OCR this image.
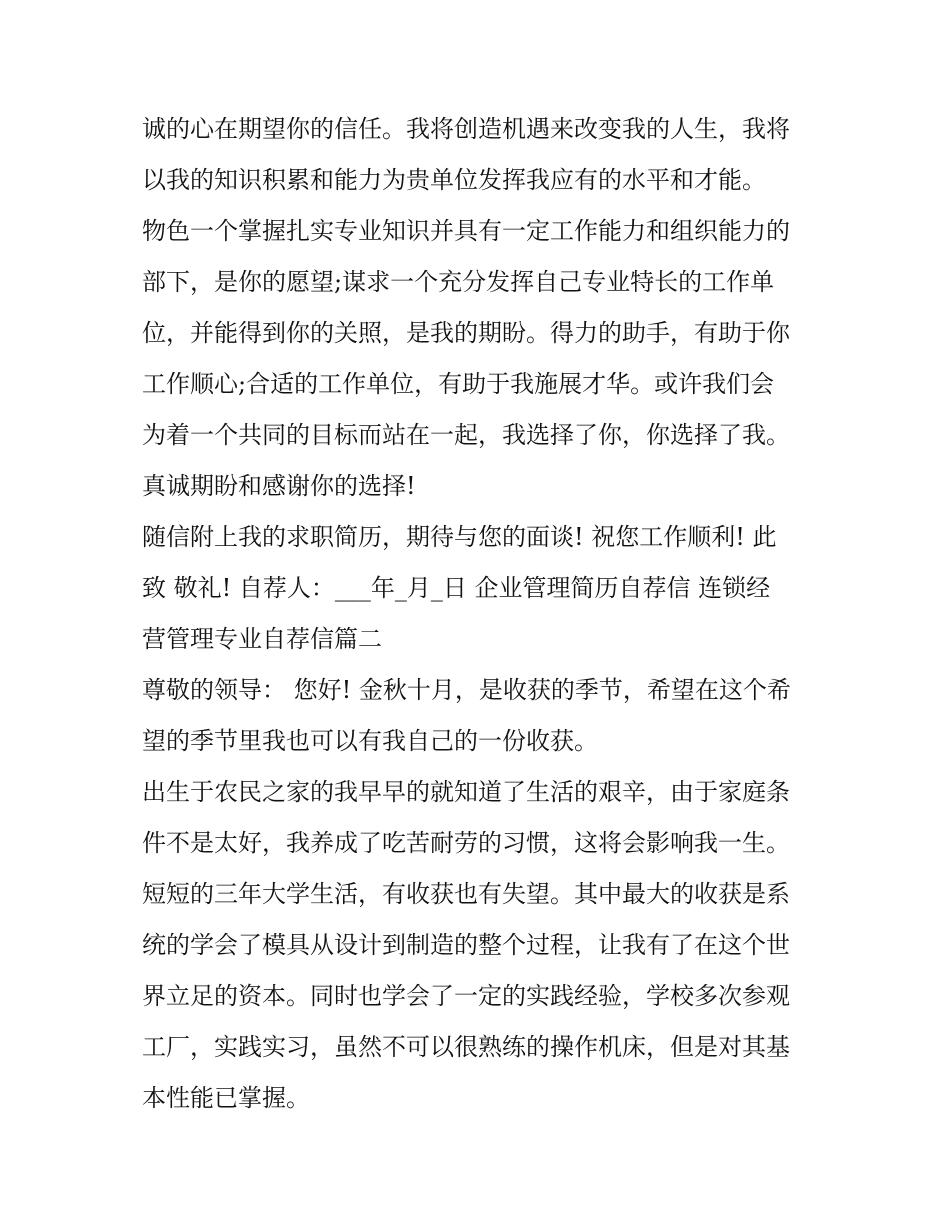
诚的心在期望你的信任。我将创造机遇来改变我的人生，我将
以我的知识积累和能力为贵单位发挥我应有的水平和才能。
物色一个掌握扎实专业知识并具有一定工作能力和组织能力的
部下，是你的愿望;谋求一个充分发挥自己专业特长的工作单
位，并能得到你的关照，是我的期盼。得力的助手，有助于你
工作顺心;合适的工作单位，有助于我施展才华。或许我们会
为着一个共同的目标而站在一起，我选择了你，你选择了我。
真诚期盼和感谢你的选择!
随信附上我的求职简历，期待与您的面谈! 祝您工作顺利! 此
致 敬礼! 自荐人：___年_月_日 企业管理简历自荐信 连锁经
营管理专业自荐信篇二
尊敬的领导： 您好! 金秋十月，是收获的季节，希望在这个希
望的季节里我也可以有我自己的一份收获。
出生于农民之家的我早早的就知道了生活的艰辛，由于家庭条
件不是太好，我养成了吃苦耐劳的习惯，这将会影响我一生。
短短的三年大学生活，有收获也有失望。其中最大的收获是系
统的学会了模具从设计到制造的整个过程，让我有了在这个世
界立足的资本。同时也学会了一定的实践经验，学校多次参观
工厂，实践实习，虽然不可以很熟练的操作机床，但是对其基
本性能已掌握。
